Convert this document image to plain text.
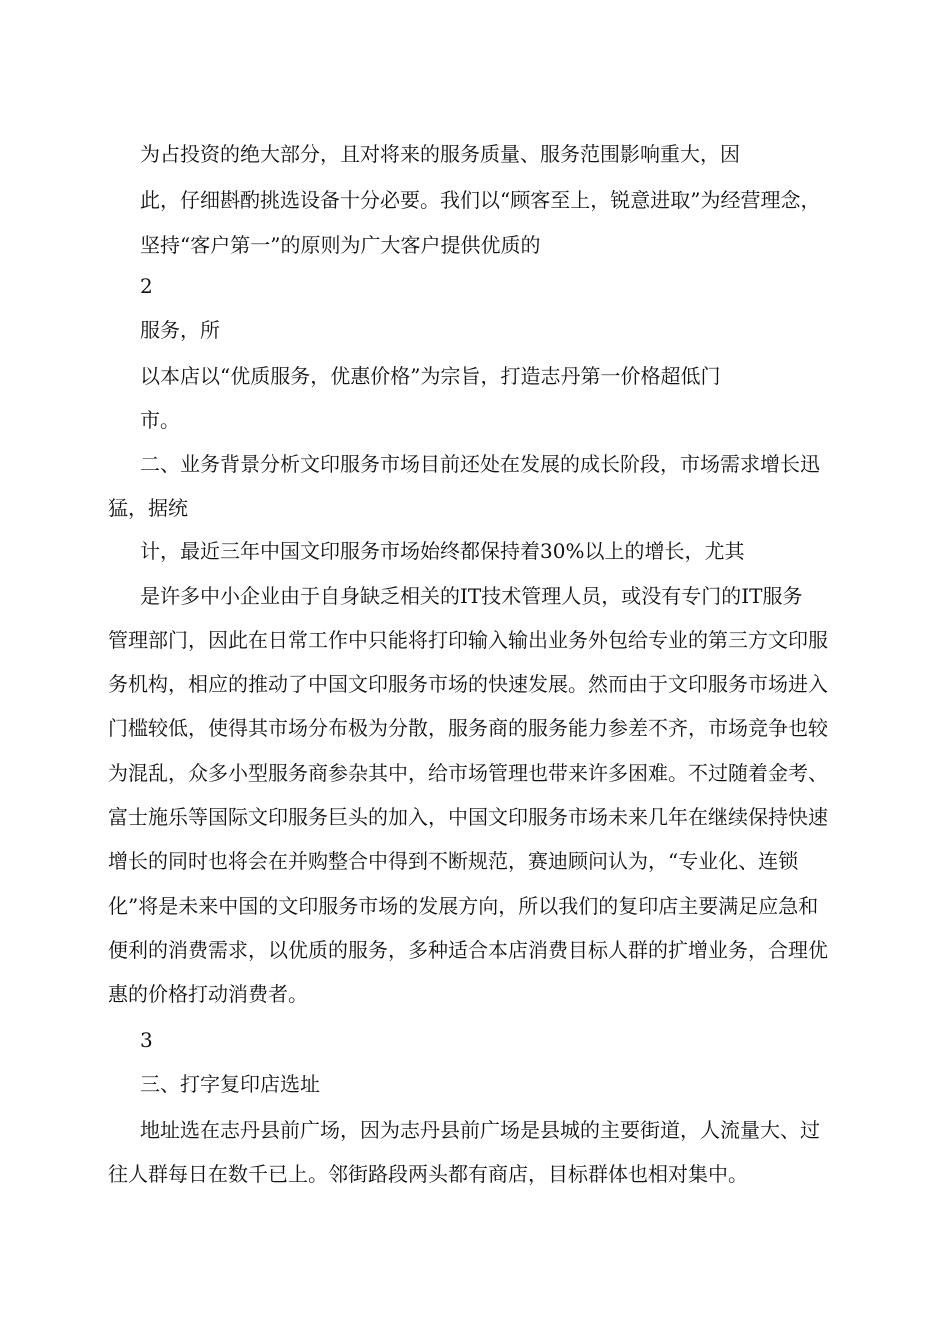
为占投资的绝大部分，且对将来的服务质量、服务范围影响重大，因
此，仔细斟酌挑选设备十分必要。我们以“顾客至上，锐意进取”为经营理念，
坚持“客户第一”的原则为广大客户提供优质的
2
服务，所
以本店以“优质服务，优惠价格”为宗旨，打造志丹第一价格超低门
市。
二、业务背景分析文印服务市场目前还处在发展的成长阶段，市场需求增长迅
猛，据统
计，最近三年中国文印服务市场始终都保持着30%以上的增长，尤其
是许多中小企业由于自身缺乏相关的IT技术管理人员，或没有专门的IT服务
管理部门，因此在日常工作中只能将打印输入输出业务外包给专业的第三方文印服
务机构，相应的推动了中国文印服务市场的快速发展。然而由于文印服务市场进入
门槛较低，使得其市场分布极为分散，服务商的服务能力参差不齐，市场竞争也较
为混乱，众多小型服务商参杂其中，给市场管理也带来许多困难。不过随着金考、
富士施乐等国际文印服务巨头的加入，中国文印服务市场未来几年在继续保持快速
增长的同时也将会在并购整合中得到不断规范，赛迪顾问认为，“专业化、连锁
化”将是未来中国的文印服务市场的发展方向，所以我们的复印店主要满足应急和
便利的消费需求，以优质的服务，多种适合本店消费目标人群的扩增业务，合理优
惠的价格打动消费者。
3
三、打字复印店选址
地址选在志丹县前广场，因为志丹县前广场是县城的主要街道，人流量大、过
往人群每日在数千已上。邻街路段两头都有商店，目标群体也相对集中。
